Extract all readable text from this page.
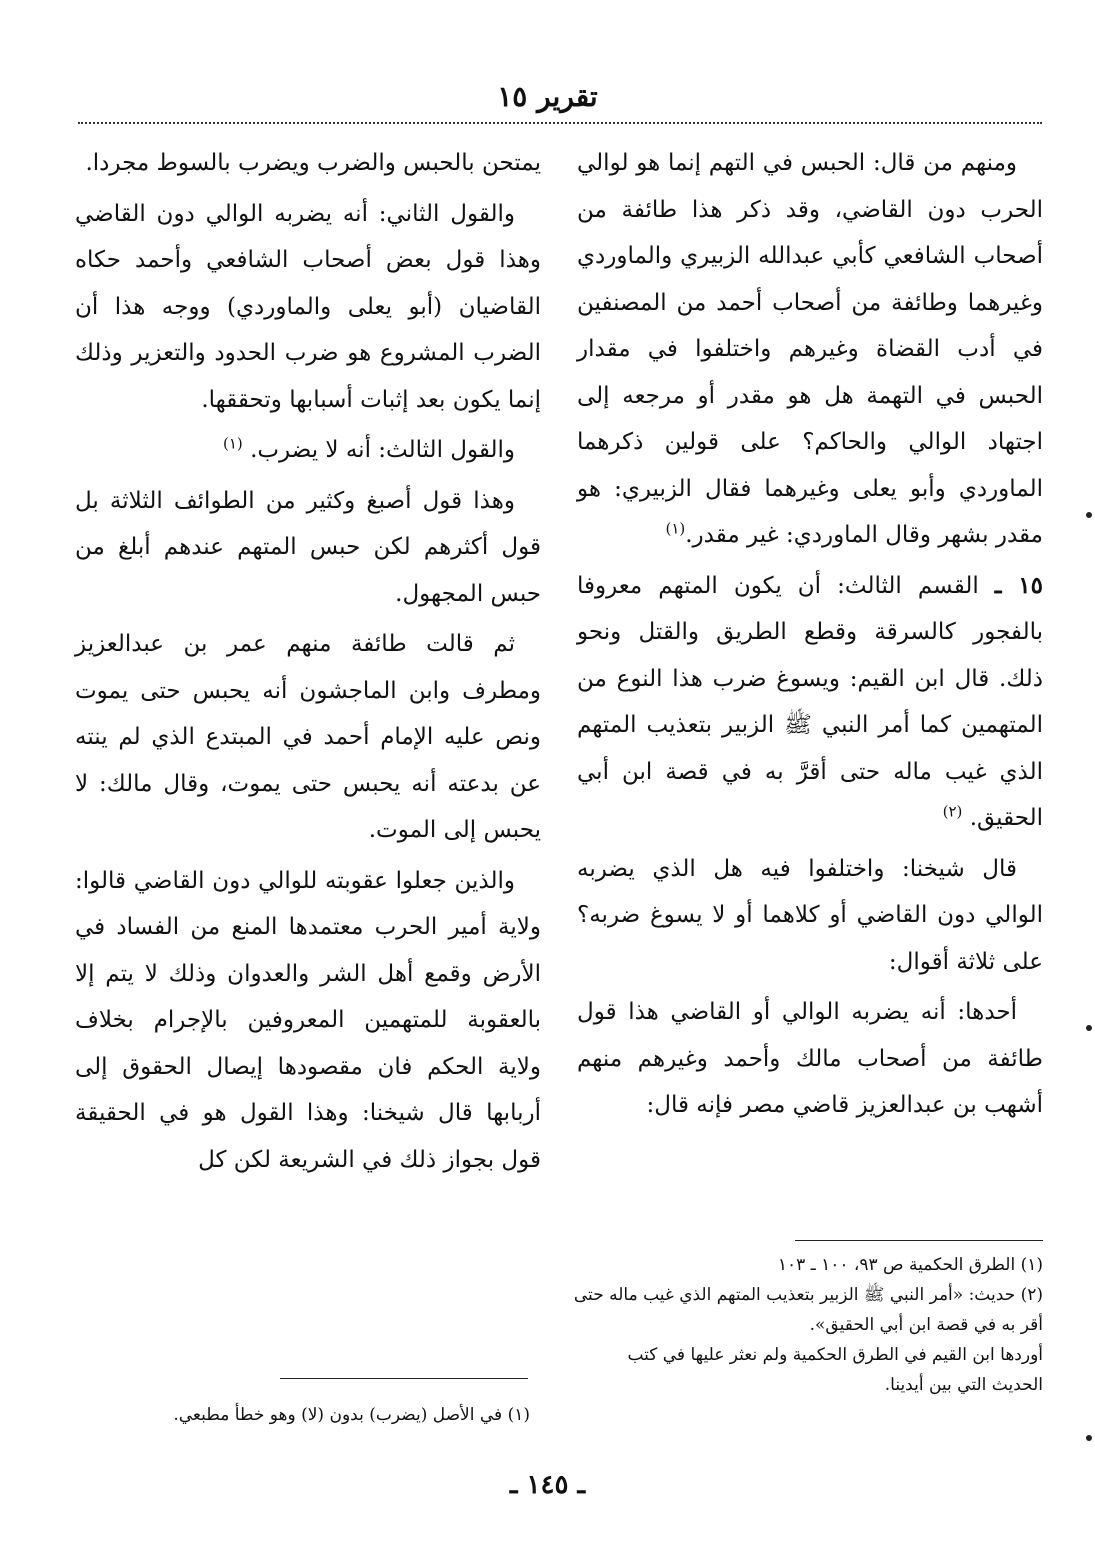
تقرير ١٥

ومنهم من قال: الحبس في التهم إنما هو لوالي الحرب دون القاضي، وقد ذكر هذا طائفة من أصحاب الشافعي كأبي عبدالله الزبيري والماوردي وغيرهما وطائفة من أصحاب أحمد من المصنفين في أدب القضاة وغيرهم واختلفوا في مقدار الحبس في التهمة هل هو مقدر أو مرجعه إلى اجتهاد الوالي والحاكم؟ على قولين ذكرهما الماوردي وأبو يعلى وغيرهما فقال الزبيري: هو مقدر بشهر وقال الماوردي: غير مقدر.$^{(١)}$

١٥ ـ القسم الثالث: أن يكون المتهم معروفا بالفجور كالسرقة وقطع الطريق والقتل ونحو ذلك. قال ابن القيم: ويسوغ ضرب هذا النوع من المتهمين كما أمر النبي ﷺ الزبير بتعذيب المتهم الذي غيب ماله حتى أقرَّ به في قصة ابن أبي الحقيق. $^{(٢)}$

قال شيخنا: واختلفوا فيه هل الذي يضربه الوالي دون القاضي أو كلاهما أو لا يسوغ ضربه؟ على ثلاثة أقوال:

أحدها: أنه يضربه الوالي أو القاضي هذا قول طائفة من أصحاب مالك وأحمد وغيرهم منهم أشهب بن عبدالعزيز قاضي مصر فإنه قال:

يمتحن بالحبس والضرب ويضرب بالسوط مجردا.

والقول الثاني: أنه يضربه الوالي دون القاضي وهذا قول بعض أصحاب الشافعي وأحمد حكاه القاضيان (أبو يعلى والماوردي) ووجه هذا أن الضرب المشروع هو ضرب الحدود والتعزير وذلك إنما يكون بعد إثبات أسبابها وتحققها.

والقول الثالث: أنه لا يضرب. $^{(١)}$

وهذا قول أصبغ وكثير من الطوائف الثلاثة بل قول أكثرهم لكن حبس المتهم عندهم أبلغ من حبس المجهول.

ثم قالت طائفة منهم عمر بن عبدالعزيز ومطرف وابن الماجشون أنه يحبس حتى يموت ونص عليه الإمام أحمد في المبتدع الذي لم ينته عن بدعته أنه يحبس حتى يموت، وقال مالك: لا يحبس إلى الموت.

والذين جعلوا عقوبته للوالي دون القاضي قالوا: ولاية أمير الحرب معتمدها المنع من الفساد في الأرض وقمع أهل الشر والعدوان وذلك لا يتم إلا بالعقوبة للمتهمين المعروفين بالإجرام بخلاف ولاية الحكم فان مقصودها إيصال الحقوق إلى أربابها قال شيخنا: وهذا القول هو في الحقيقة قول بجواز ذلك في الشريعة لكن كل

(١) الطرق الحكمية ص ٩٣، ١٠٠ ـ ١٠٣

(٢) حديث: «أمر النبي ﷺ الزبير بتعذيب المتهم الذي غيب ماله حتى أقر به في قصة ابن أبي الحقيق».

أوردها ابن القيم في الطرق الحكمية ولم نعثر عليها في كتب الحديث التي بين أيدينا.

(١) في الأصل (يضرب) بدون (لا) وهو خطأ مطبعي.

ـ ١٤٥ ـ
